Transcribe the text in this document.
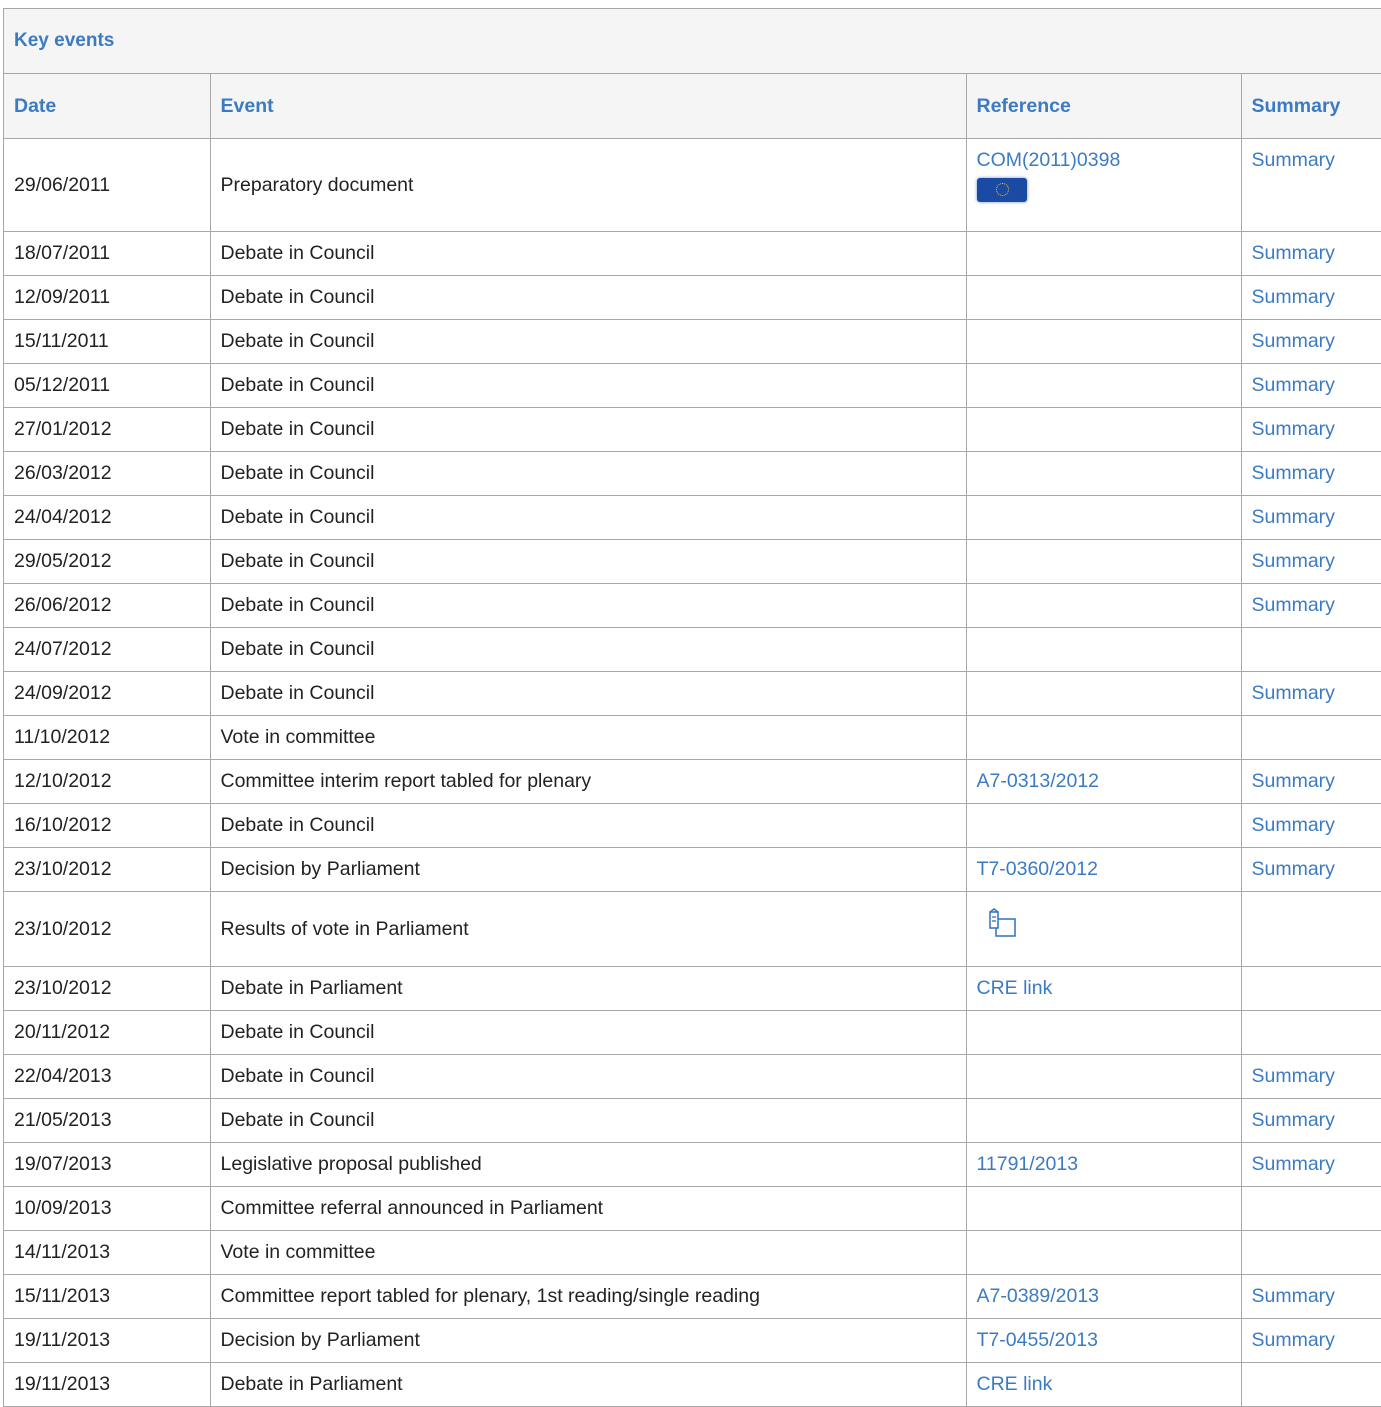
Key events
Date	Event	Reference	Summary
29/06/2011	Preparatory document	COM(2011)0398	Summary
18/07/2011	Debate in Council		Summary
12/09/2011	Debate in Council		Summary
15/11/2011	Debate in Council		Summary
05/12/2011	Debate in Council		Summary
27/01/2012	Debate in Council		Summary
26/03/2012	Debate in Council		Summary
24/04/2012	Debate in Council		Summary
29/05/2012	Debate in Council		Summary
26/06/2012	Debate in Council		Summary
24/07/2012	Debate in Council		
24/09/2012	Debate in Council		Summary
11/10/2012	Vote in committee		
12/10/2012	Committee interim report tabled for plenary	A7-0313/2012	Summary
16/10/2012	Debate in Council		Summary
23/10/2012	Decision by Parliament	T7-0360/2012	Summary
23/10/2012	Results of vote in Parliament		
23/10/2012	Debate in Parliament	CRE link	
20/11/2012	Debate in Council		
22/04/2013	Debate in Council		Summary
21/05/2013	Debate in Council		Summary
19/07/2013	Legislative proposal published	11791/2013	Summary
10/09/2013	Committee referral announced in Parliament		
14/11/2013	Vote in committee		
15/11/2013	Committee report tabled for plenary, 1st reading/single reading	A7-0389/2013	Summary
19/11/2013	Decision by Parliament	T7-0455/2013	Summary
19/11/2013	Debate in Parliament	CRE link	
